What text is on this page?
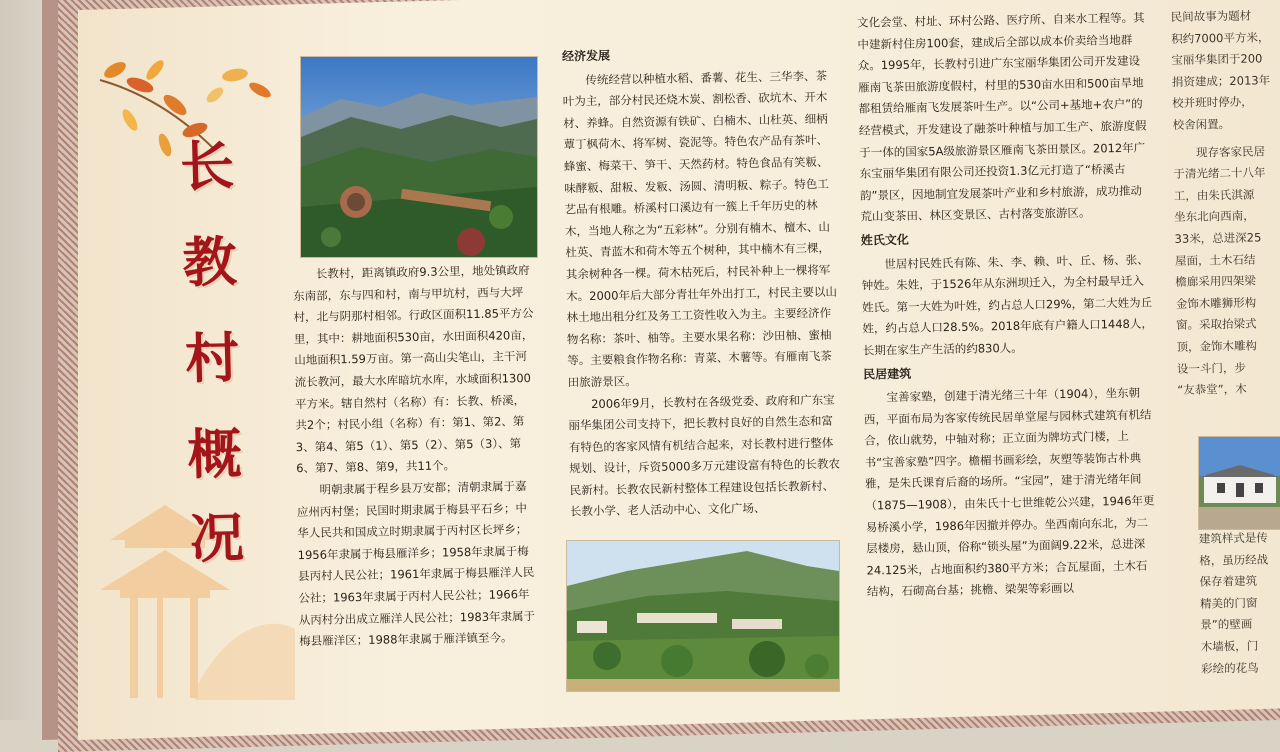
长
教
村
概
况

长教村，距离镇政府9.3公里，地处镇政府东南部，东与四和村，南与甲坑村，西与大坪村，北与阴那村相邻。行政区面积11.85平方公里，其中：耕地面积530亩，水田面积420亩，山地面积1.59万亩。第一高山尖笔山，主干河流长教河，最大水库暗坑水库，水域面积1300平方米。辖自然村（名称）有：长教、桥溪，共2个；村民小组（名称）有：第1、第2、第3、第4、第5（1）、第5（2）、第5（3）、第6、第7、第8、第9，共11个。

明朝隶属于程乡县万安都；清朝隶属于嘉应州丙村堡；民国时期隶属于梅县平石乡；中华人民共和国成立时期隶属于丙村区长坪乡；1956年隶属于梅县雁洋乡；1958年隶属于梅县丙村人民公社；1961年隶属于梅县雁洋人民公社；1963年隶属于丙村人民公社；1966年从丙村分出成立雁洋人民公社；1983年隶属于梅县雁洋区；1988年隶属于雁洋镇至今。

经济发展

传统经营以种植水稻、番薯、花生、三华李、茶叶为主，部分村民还烧木炭、割松香、砍坑木、开木材、养蜂。自然资源有铁矿、白楠木、山杜英、细柄蕈丁枫荷木、将军树、瓷泥等。特色农产品有茶叶、蜂蜜、梅菜干、笋干、天然药材。特色食品有笑粄、味酵粄、甜粄、发粄、汤圆、清明粄、粽子。特色工艺品有根雕。桥溪村口溪边有一簇上千年历史的林木，当地人称之为“五彩林”。分别有楠木、檀木、山杜英、青蓝木和荷木等五个树种，其中楠木有三棵，其余树种各一棵。荷木枯死后，村民补种上一棵将军木。2000年后大部分青壮年外出打工，村民主要以山林土地出租分红及务工工资性收入为主。主要经济作物名称：茶叶、柚等。主要水果名称：沙田柚、蜜柚等。主要粮食作物名称：青菜、木薯等。有雁南飞茶田旅游景区。

2006年9月，长教村在各级党委、政府和广东宝丽华集团公司支持下，把长教村良好的自然生态和富有特色的客家风情有机结合起来，对长教村进行整体规划、设计，斥资5000多万元建设富有特色的长教农民新村。长教农民新村整体工程建设包括长教新村、长教小学、老人活动中心、文化广场、

文化会堂、村址、环村公路、医疗所、自来水工程等。其中建新村住房100套，建成后全部以成本价卖给当地群众。1995年，长教村引进广东宝丽华集团公司开发建设雁南飞茶田旅游度假村，村里的530亩水田和500亩旱地都租赁给雁南飞发展茶叶生产。以“公司+基地+农户”的经营模式，开发建设了融茶叶种植与加工生产、旅游度假于一体的国家5A级旅游景区雁南飞茶田景区。2012年广东宝丽华集团有限公司还投资1.3亿元打造了“桥溪古韵”景区，因地制宜发展茶叶产业和乡村旅游，成功推动荒山变茶田、林区变景区、古村落变旅游区。

姓氏文化

世居村民姓氏有陈、朱、李、赖、叶、丘、杨、张、钟姓。朱姓，于1526年从东洲坝迁入，为全村最早迁入姓氏。第一大姓为叶姓，约占总人口29%，第二大姓为丘姓，约占总人口28.5%。2018年底有户籍人口1448人，长期在家生产生活的约830人。

民居建筑

宝善家塾，创建于清光绪三十年（1904），坐东朝西，平面布局为客家传统民居单堂屋与园林式建筑有机结合，依山就势，中轴对称；正立面为牌坊式门楼，上书“宝善家塾”四字。檐楣书画彩绘，灰塑等装饰古朴典雅，是朱氏课育后裔的场所。“宝园”，建于清光绪年间（1875—1908），由朱氏十七世维乾公兴建，1946年更易桥溪小学，1986年因撤并停办。坐西南向东北，为二层楼房，悬山顶，俗称“锁头屋”为面阔9.22米，总进深24.125米，占地面积约380平方米；合瓦屋面，土木石结构，石砌高台基；挑檐、梁架等彩画以

民间故事为题材
积约7000平方米，
宝丽华集团于200
捐资建成；2013年
校并班时停办，
校舍闲置。
现存客家民居
于清光绪二十八年
工，由朱氏淇源
坐东北向西南，
33米，总进深25
屋面，土木石结
檐廊采用四架梁
金饰木雕狮形构
窗。采取抬梁式
顶，金饰木雕构
设一斗门，步
“友恭堂”，木
建筑样式是传
格，虽历经战
保存着建筑
精美的门窗
景”的壁画
木墙板，门
彩绘的花鸟
